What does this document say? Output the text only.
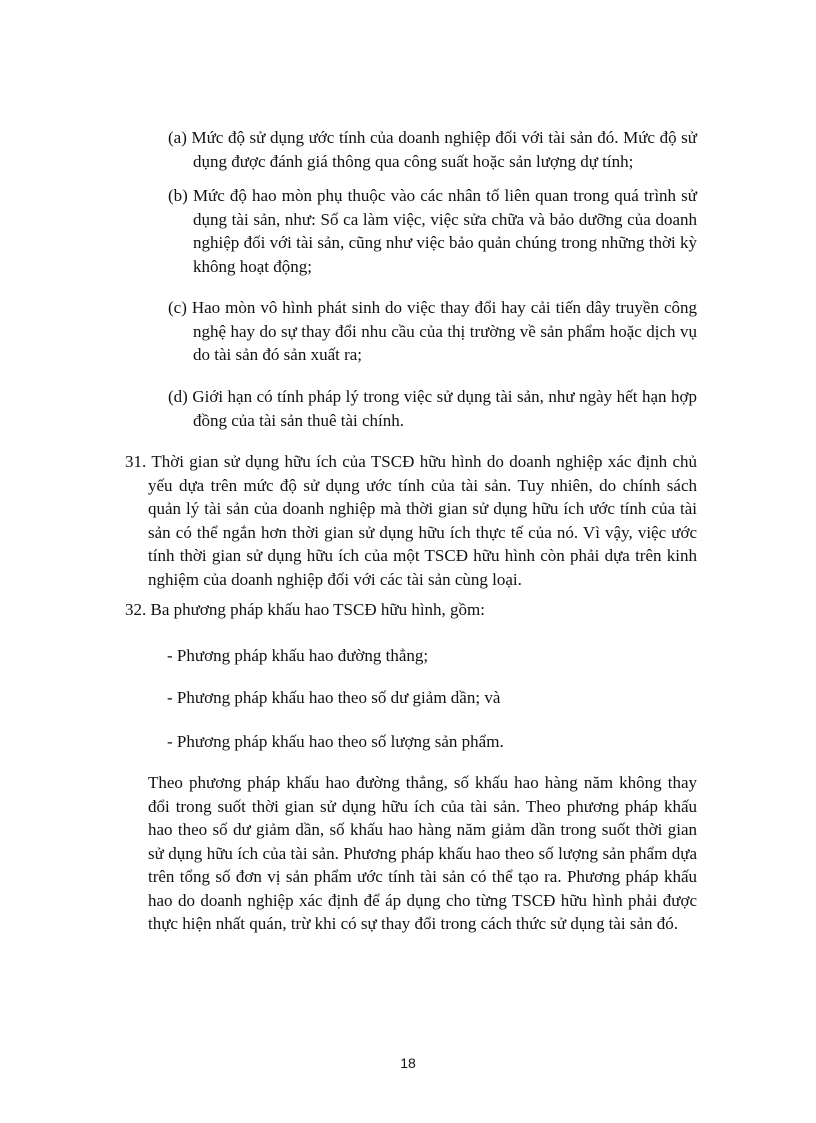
(a) Mức độ sử dụng ước tính của doanh nghiệp đối với tài sản đó. Mức độ sử dụng được đánh giá thông qua công suất hoặc sản lượng dự tính;

(b) Mức độ hao mòn phụ thuộc vào các nhân tố liên quan trong quá trình sử dụng tài sản, như: Số ca làm việc, việc sửa chữa và bảo dưỡng của doanh nghiệp đối với tài sản, cũng như việc bảo quản chúng trong những thời kỳ không hoạt động;

(c) Hao mòn vô hình phát sinh do việc thay đổi hay cải tiến dây truyền công nghệ hay do sự thay đổi nhu cầu của thị trường về sản phẩm hoặc dịch vụ do tài sản đó sản xuất ra;

(d) Giới hạn có tính pháp lý trong việc sử dụng tài sản, như ngày hết hạn hợp đồng của tài sản thuê tài chính.

31. Thời gian sử dụng hữu ích của TSCĐ hữu hình do doanh nghiệp xác định chủ yếu dựa trên mức độ sử dụng ước tính của tài sản. Tuy nhiên, do chính sách quản lý tài sản của doanh nghiệp mà thời gian sử dụng hữu ích ước tính của tài sản có thể ngắn hơn thời gian sử dụng hữu ích thực tế của nó. Vì vậy, việc ước tính thời gian sử dụng hữu ích của một TSCĐ hữu hình còn phải dựa trên kinh nghiệm của doanh nghiệp đối với các tài sản cùng loại.

32. Ba phương pháp khấu hao TSCĐ hữu hình, gồm:

- Phương pháp khấu hao đường thẳng;

- Phương pháp khấu hao theo số dư giảm dần; và

- Phương pháp khấu hao theo số lượng sản phẩm.

Theo phương pháp khấu hao đường thẳng, số khấu hao hàng năm không thay đổi trong suốt thời gian sử dụng hữu ích của tài sản. Theo phương pháp khấu hao theo số dư giảm dần, số khấu hao hàng năm giảm dần trong suốt thời gian sử dụng hữu ích của tài sản. Phương pháp khấu hao theo số lượng sản phẩm dựa trên tổng số đơn vị sản phẩm ước tính tài sản có thể tạo ra. Phương pháp khấu hao do doanh nghiệp xác định để áp dụng cho từng TSCĐ hữu hình phải được thực hiện nhất quán, trừ khi có sự thay đổi trong cách thức sử dụng tài sản đó.

18
